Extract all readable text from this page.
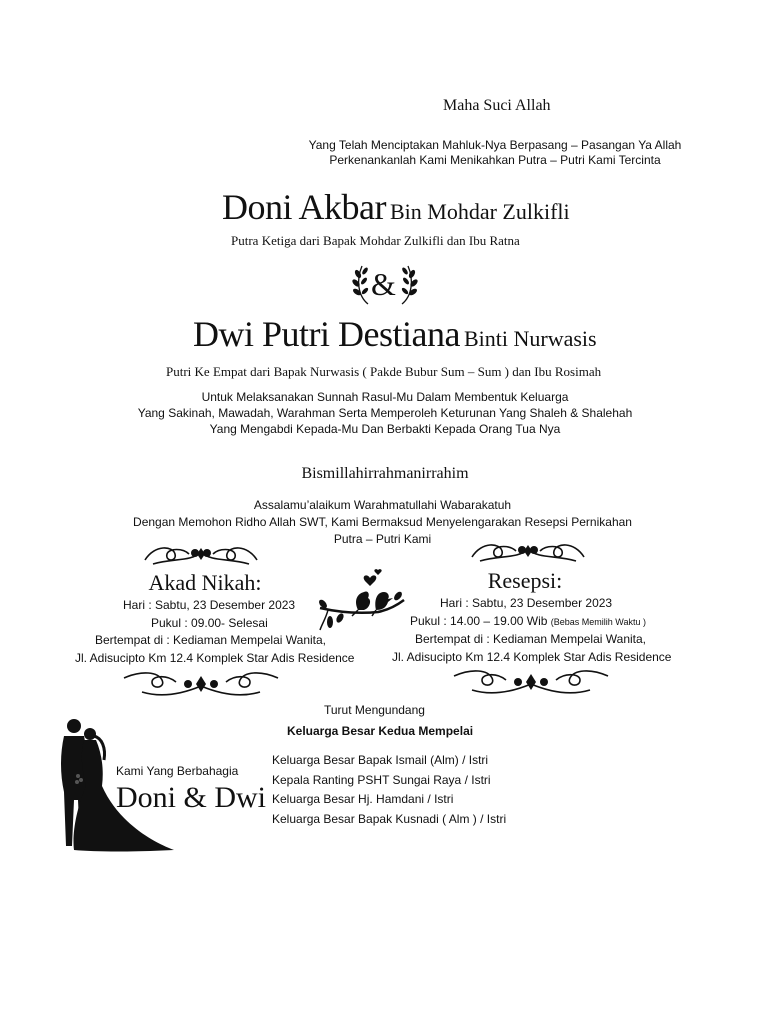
Maha Suci Allah
Yang Telah Menciptakan Mahluk-Nya Berpasang – Pasangan Ya Allah
Perkenankanlah Kami Menikahkan Putra – Putri Kami Tercinta
Doni Akbar Bin Mohdar Zulkifli
Putra Ketiga dari Bapak Mohdar Zulkifli dan Ibu Ratna
&
Dwi Putri Destiana Binti Nurwasis
Putri Ke Empat dari Bapak Nurwasis ( Pakde Bubur Sum – Sum ) dan Ibu Rosimah
Untuk Melaksanakan Sunnah Rasul-Mu Dalam Membentuk Keluarga
Yang Sakinah, Mawadah, Warahman Serta Memperoleh Keturunan Yang Shaleh & Shalehah
Yang Mengabdi Kepada-Mu Dan Berbakti Kepada Orang Tua Nya
Bismillahirrahmanirrahim
Assalamu’alaikum Warahmatullahi Wabarakatuh
Dengan Memohon Ridho Allah SWT, Kami Bermaksud Menyelengarakan Resepsi Pernikahan
Putra – Putri Kami
Akad Nikah:
Hari : Sabtu, 23 Desember 2023
Pukul : 09.00- Selesai
Bertempat di : Kediaman Mempelai Wanita,
Jl. Adisucipto Km 12.4 Komplek Star Adis Residence
Resepsi:
Hari : Sabtu, 23 Desember 2023
Pukul : 14.00 – 19.00 Wib (Bebas Memilih Waktu )
Bertempat di : Kediaman Mempelai Wanita,
Jl. Adisucipto Km 12.4 Komplek Star Adis Residence
Turut Mengundang
Keluarga Besar Kedua Mempelai
Kami Yang Berbahagia
Doni & Dwi
Keluarga Besar Bapak Ismail (Alm) / Istri
Kepala Ranting PSHT Sungai Raya / Istri
Keluarga Besar Hj. Hamdani / Istri
Keluarga Besar Bapak Kusnadi ( Alm ) / Istri
